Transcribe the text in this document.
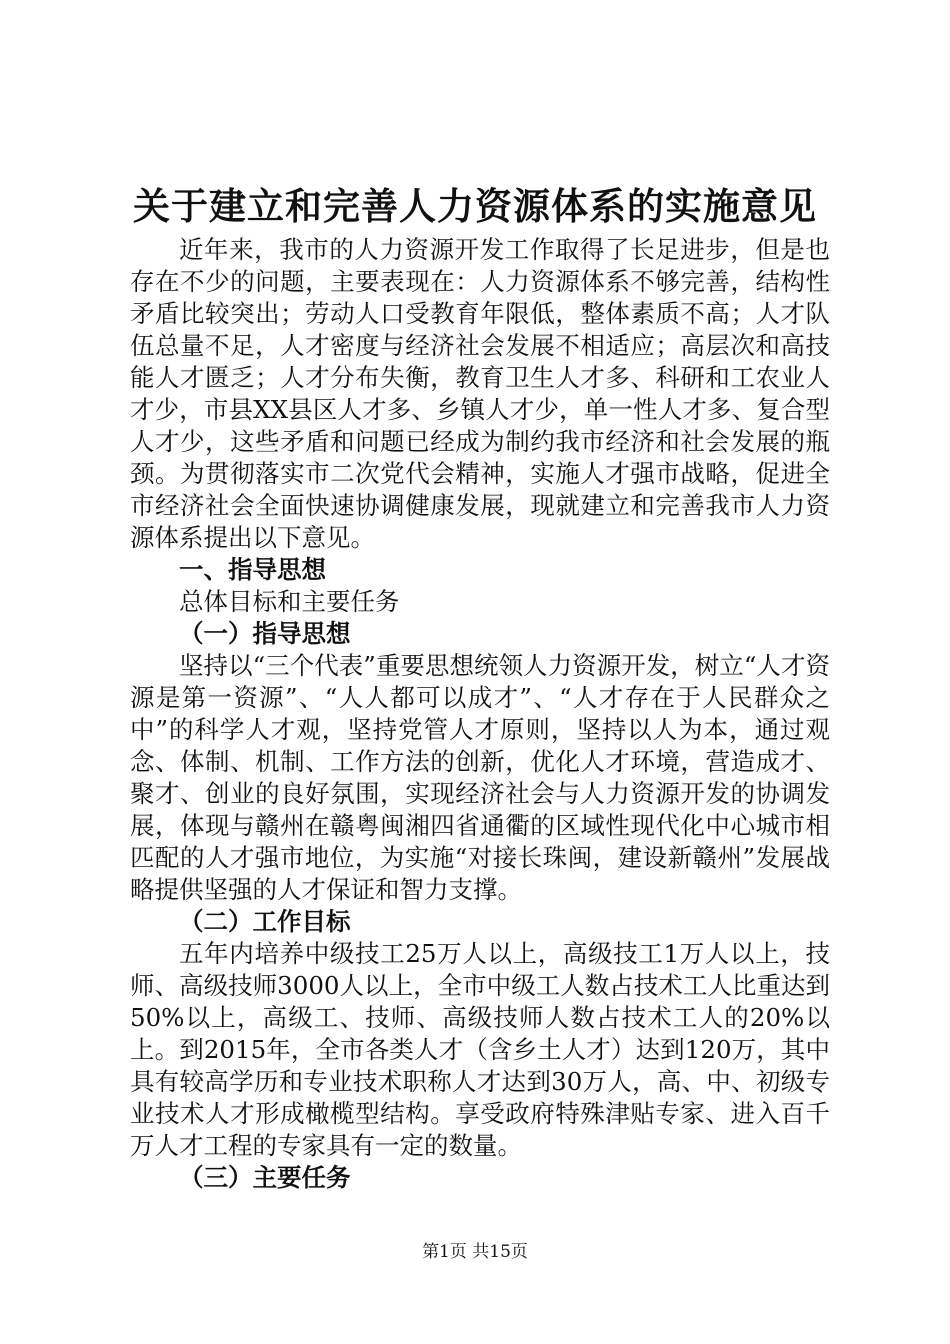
关于建立和完善人力资源体系的实施意见

近年来，我市的人力资源开发工作取得了长足进步，但是也存在不少的问题，主要表现在：人力资源体系不够完善，结构性矛盾比较突出；劳动人口受教育年限低，整体素质不高；人才队伍总量不足，人才密度与经济社会发展不相适应；高层次和高技能人才匮乏；人才分布失衡，教育卫生人才多、科研和工农业人才少，市县XX县区人才多、乡镇人才少，单一性人才多、复合型人才少，这些矛盾和问题已经成为制约我市经济和社会发展的瓶颈。为贯彻落实市二次党代会精神，实施人才强市战略，促进全市经济社会全面快速协调健康发展，现就建立和完善我市人力资源体系提出以下意见。

一、指导思想

总体目标和主要任务

（一）指导思想

坚持以“三个代表”重要思想统领人力资源开发，树立“人才资源是第一资源”、“人人都可以成才”、“人才存在于人民群众之中”的科学人才观，坚持党管人才原则，坚持以人为本，通过观念、体制、机制、工作方法的创新，优化人才环境，营造成才、聚才、创业的良好氛围，实现经济社会与人力资源开发的协调发展，体现与赣州在赣粤闽湘四省通衢的区域性现代化中心城市相匹配的人才强市地位，为实施“对接长珠闽，建设新赣州”发展战略提供坚强的人才保证和智力支撑。

（二）工作目标

五年内培养中级技工25万人以上，高级技工1万人以上，技师、高级技师3000人以上，全市中级工人数占技术工人比重达到50%以上，高级工、技师、高级技师人数占技术工人的20%以上。到2015年，全市各类人才（含乡土人才）达到120万，其中具有较高学历和专业技术职称人才达到30万人，高、中、初级专业技术人才形成橄榄型结构。享受政府特殊津贴专家、进入百千万人才工程的专家具有一定的数量。

（三）主要任务

第1页 共15页
